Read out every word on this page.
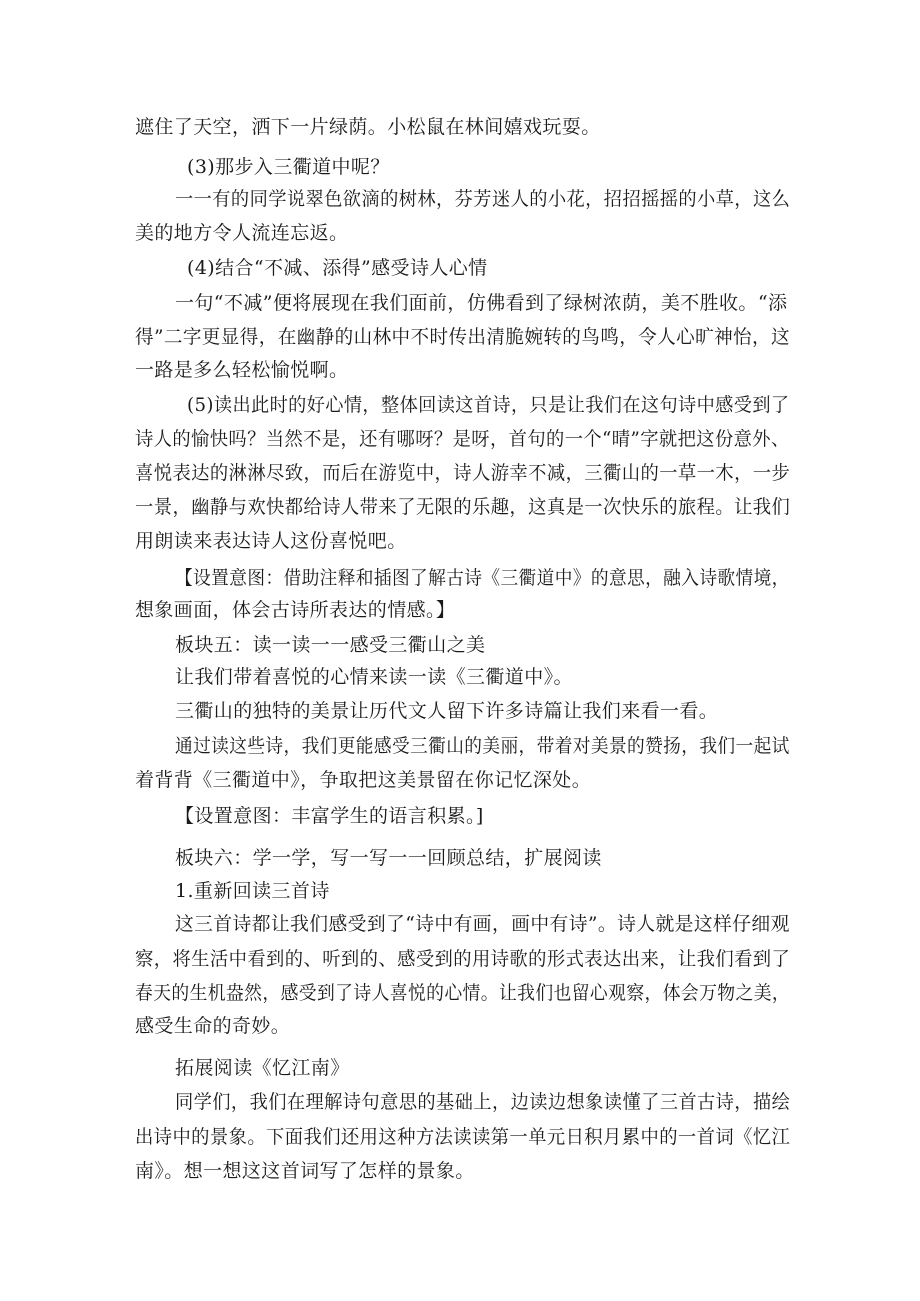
遮住了天空，洒下一片绿荫。小松鼠在林间嬉戏玩耍。

(3)那步入三衢道中呢？

一一有的同学说翠色欲滴的树林，芬芳迷人的小花，招招摇摇的小草，这么

美的地方令人流连忘返。

(4)结合“不减、添得”感受诗人心情

一句“不减”便将展现在我们面前，仿佛看到了绿树浓荫，美不胜收。“添

得”二字更显得，在幽静的山林中不时传出清脆婉转的鸟鸣，令人心旷神怡，这

一路是多么轻松愉悦啊。

(5)读出此时的好心情，整体回读这首诗，只是让我们在这句诗中感受到了

诗人的愉快吗？当然不是，还有哪呀？是呀，首句的一个“晴”字就把这份意外、

喜悦表达的淋淋尽致，而后在游览中，诗人游幸不减，三衢山的一草一木，一步

一景，幽静与欢快都给诗人带来了无限的乐趣，这真是一次快乐的旅程。让我们

用朗读来表达诗人这份喜悦吧。

【设置意图：借助注释和插图了解古诗《三衢道中》的意思，融入诗歌情境，

想象画面，体会古诗所表达的情感。】

板块五：读一读一一感受三衢山之美

让我们带着喜悦的心情来读一读《三衢道中》。

三衢山的独特的美景让历代文人留下许多诗篇让我们来看一看。

通过读这些诗，我们更能感受三衢山的美丽，带着对美景的赞扬，我们一起试

着背背《三衢道中》，争取把这美景留在你记忆深处。

【设置意图：丰富学生的语言积累。]

板块六：学一学，写一写一一回顾总结，扩展阅读

1.重新回读三首诗

这三首诗都让我们感受到了“诗中有画，画中有诗”。诗人就是这样仔细观

察，将生活中看到的、听到的、感受到的用诗歌的形式表达出来，让我们看到了

春天的生机盎然，感受到了诗人喜悦的心情。让我们也留心观察，体会万物之美，

感受生命的奇妙。

拓展阅读《忆江南》

同学们，我们在理解诗句意思的基础上，边读边想象读懂了三首古诗，描绘

出诗中的景象。下面我们还用这种方法读读第一单元日积月累中的一首词《忆江

南》。想一想这这首词写了怎样的景象。
